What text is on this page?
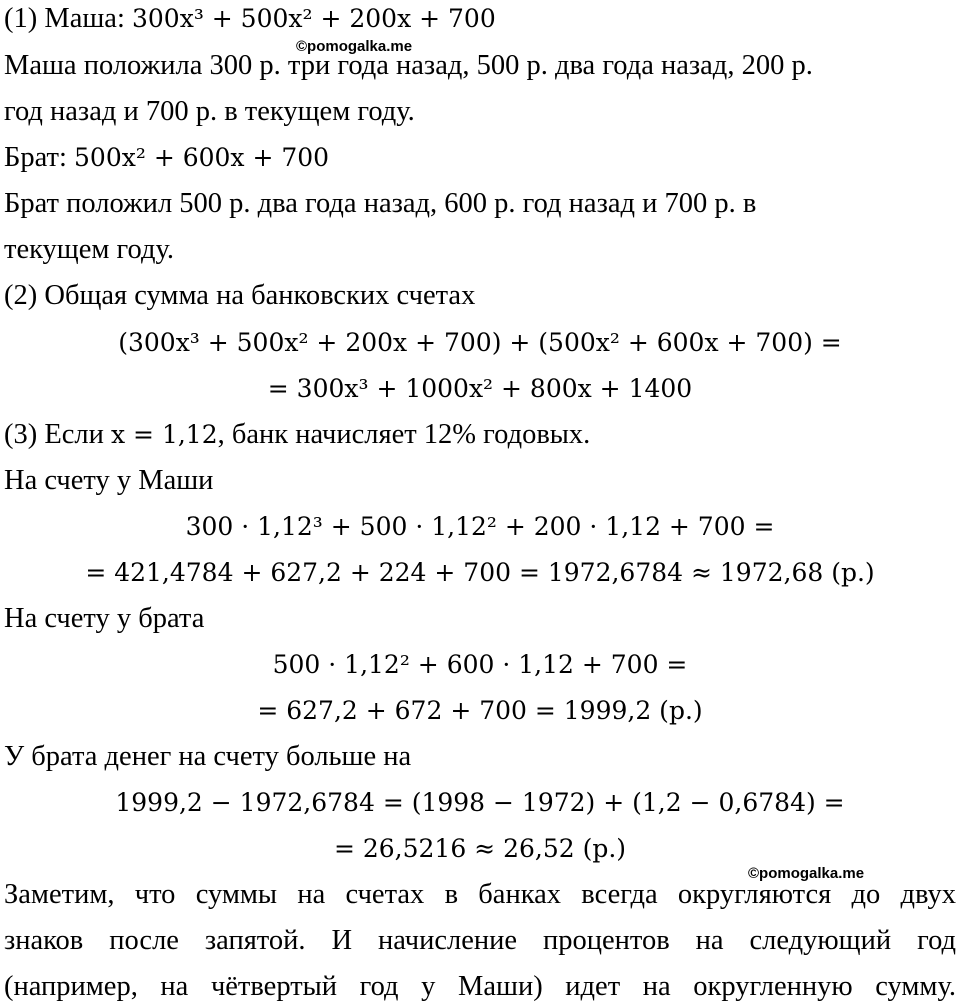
(1) Маша: 300x³ + 500x² + 200x + 700
©pomogalka.me
Маша положила 300 р. три года назад, 500 р. два года назад, 200 р.
год назад и 700 р. в текущем году.
Брат: 500x² + 600x + 700
Брат положил 500 р. два года назад, 600 р. год назад и 700 р. в
текущем году.
(2) Общая сумма на банковских счетах
(300x³ + 500x² + 200x + 700) + (500x² + 600x + 700) =
= 300x³ + 1000x² + 800x + 1400
(3) Если x = 1,12, банк начисляет 12% годовых.
На счету у Маши
300 · 1,12³ + 500 · 1,12² + 200 · 1,12 + 700 =
= 421,4784 + 627,2 + 224 + 700 = 1972,6784 ≈ 1972,68 (р.)
На счету у брата
500 · 1,12² + 600 · 1,12 + 700 =
= 627,2 + 672 + 700 = 1999,2 (р.)
У брата денег на счету больше на
1999,2 − 1972,6784 = (1998 − 1972) + (1,2 − 0,6784) =
= 26,5216 ≈ 26,52 (р.)
©pomogalka.me
Заметим, что суммы на счетах в банках всегда округляются до двух
знаков после запятой. И начисление процентов на следующий год
(например, на чётвертый год у Маши) идет на округленную сумму.
